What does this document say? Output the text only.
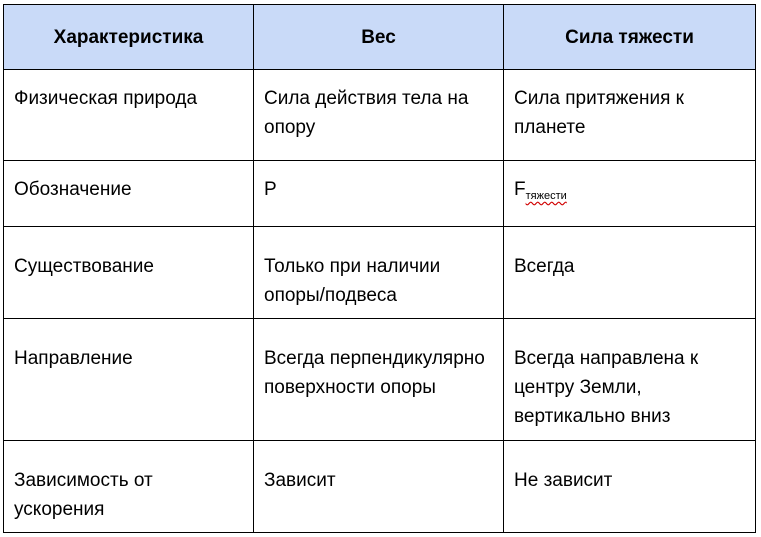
Характеристика	Вес	Сила тяжести
Физическая природа	Сила действия тела на опору	Сила притяжения к планете
Обозначение	P	$F_{тяжести}$
Существование	Только при наличии опоры/подвеса	Всегда
Направление	Всегда перпендикулярно поверхности опоры	Всегда направлена к центру Земли, вертикально вниз
Зависимость от ускорения	Зависит	Не зависит
